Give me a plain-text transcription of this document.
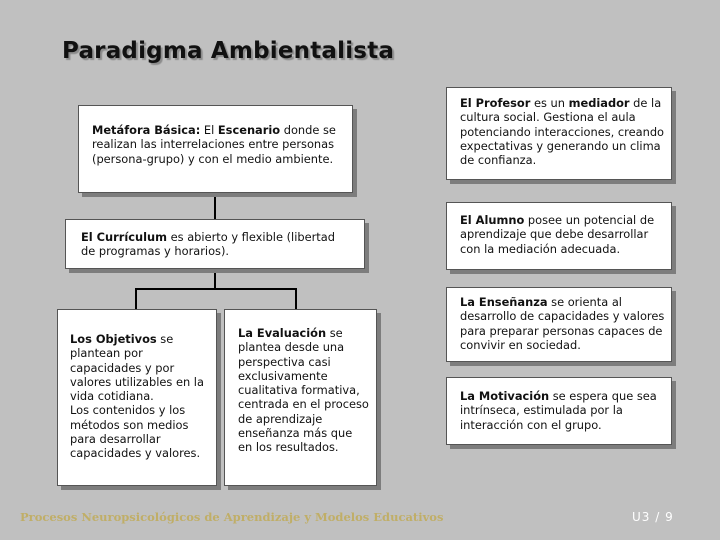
Paradigma Ambientalista
Metáfora Básica: El Escenario donde se realizan las interrelaciones entre personas (persona-grupo) y con el medio ambiente.
El Currículum es abierto y flexible (libertad de programas y horarios).
Los Objetivos se plantean por capacidades y por valores utilizables en la vida cotidiana.
Los contenidos y los métodos son medios para desarrollar capacidades y valores.
La Evaluación se plantea desde una perspectiva casi exclusivamente cualitativa formativa, centrada en el proceso de aprendizaje enseñanza más que en los resultados.
El Profesor es un mediador de la cultura social. Gestiona el aula potenciando interacciones, creando expectativas y generando un clima de confianza.
El Alumno posee un potencial de aprendizaje que debe desarrollar con la mediación adecuada.
La Enseñanza se orienta al desarrollo de capacidades y valores para preparar personas capaces de convivir en sociedad.
La Motivación se espera que sea intrínseca, estimulada por la interacción con el grupo.
Procesos Neuropsicológicos de Aprendizaje y Modelos Educativos	U3 / 9
